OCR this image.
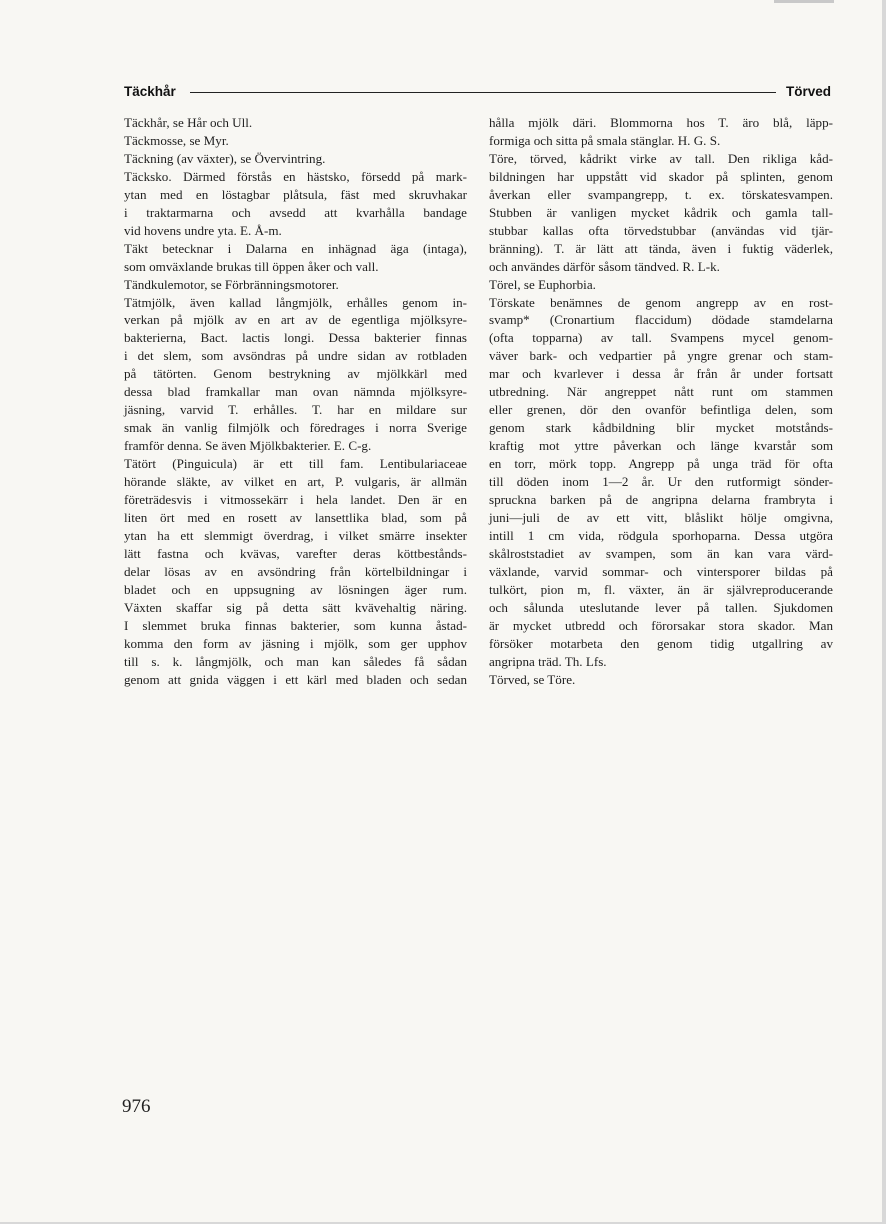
Täckhår	Törved

Täckhår, se Hår och Ull.

Täckmosse, se Myr.

Täckning (av växter), se Övervintring.

Täcksko. Därmed förstås en hästsko, försedd på mark-

ytan med en löstagbar plåtsula, fäst med skruvhakar

i traktarmarna och avsedd att kvarhålla bandage

vid hovens undre yta. E. Å-m.

Täkt betecknar i Dalarna en inhägnad äga (intaga),

som omväxlande brukas till öppen åker och vall.

Tändkulemotor, se Förbränningsmotorer.

Tätmjölk, även kallad långmjölk, erhålles genom in-

verkan på mjölk av en art av de egentliga mjölksyre-

bakterierna, Bact. lactis longi. Dessa bakterier finnas

i det slem, som avsöndras på undre sidan av rotbladen

på tätörten. Genom bestrykning av mjölkkärl med

dessa blad framkallar man ovan nämnda mjölksyre-

jäsning, varvid T. erhålles. T. har en mildare sur

smak än vanlig filmjölk och föredrages i norra Sverige

framför denna. Se även Mjölkbakterier. E. C-g.

Tätört (Pinguicula) är ett till fam. Lentibulariaceae

hörande släkte, av vilket en art, P. vulgaris, är allmän

företrädesvis i vitmossekärr i hela landet. Den är en

liten ört med en rosett av lansettlika blad, som på

ytan ha ett slemmigt överdrag, i vilket smärre insekter

lätt fastna och kvävas, varefter deras köttbestånds-

delar lösas av en avsöndring från körtelbildningar i

bladet och en uppsugning av lösningen äger rum.

Växten skaffar sig på detta sätt kvävehaltig näring.

I slemmet bruka finnas bakterier, som kunna åstad-

komma den form av jäsning i mjölk, som ger upphov

till s. k. långmjölk, och man kan således få sådan

genom att gnida väggen i ett kärl med bladen och sedan

hålla mjölk däri. Blommorna hos T. äro blå, läpp-

formiga och sitta på smala stänglar. H. G. S.

Töre, törved, kådrikt virke av tall. Den rikliga kåd-

bildningen har uppstått vid skador på splinten, genom

åverkan eller svampangrepp, t. ex. törskatesvampen.

Stubben är vanligen mycket kådrik och gamla tall-

stubbar kallas ofta törvedstubbar (användas vid tjär-

bränning). T. är lätt att tända, även i fuktig väderlek,

och användes därför såsom tändved. R. L-k.

Törel, se Euphorbia.

Törskate benämnes de genom angrepp av en rost-

svamp* (Cronartium flaccidum) dödade stamdelarna

(ofta topparna) av tall. Svampens mycel genom-

väver bark- och vedpartier på yngre grenar och stam-

mar och kvarlever i dessa år från år under fortsatt

utbredning. När angreppet nått runt om stammen

eller grenen, dör den ovanför befintliga delen, som

genom stark kådbildning blir mycket motstånds-

kraftig mot yttre påverkan och länge kvarstår som

en torr, mörk topp. Angrepp på unga träd för ofta

till döden inom 1—2 år. Ur den rutformigt sönder-

spruckna barken på de angripna delarna frambryta i

juni—juli de av ett vitt, blåslikt hölje omgivna,

intill 1 cm vida, rödgula sporhoparna. Dessa utgöra

skålroststadiet av svampen, som än kan vara värd-

växlande, varvid sommar- och vintersporer bildas på

tulkört, pion m, fl. växter, än är självreproducerande

och sålunda uteslutande lever på tallen. Sjukdomen

är mycket utbredd och förorsakar stora skador. Man

försöker motarbeta den genom tidig utgallring av

angripna träd. Th. Lfs.

Törved, se Töre.

976
